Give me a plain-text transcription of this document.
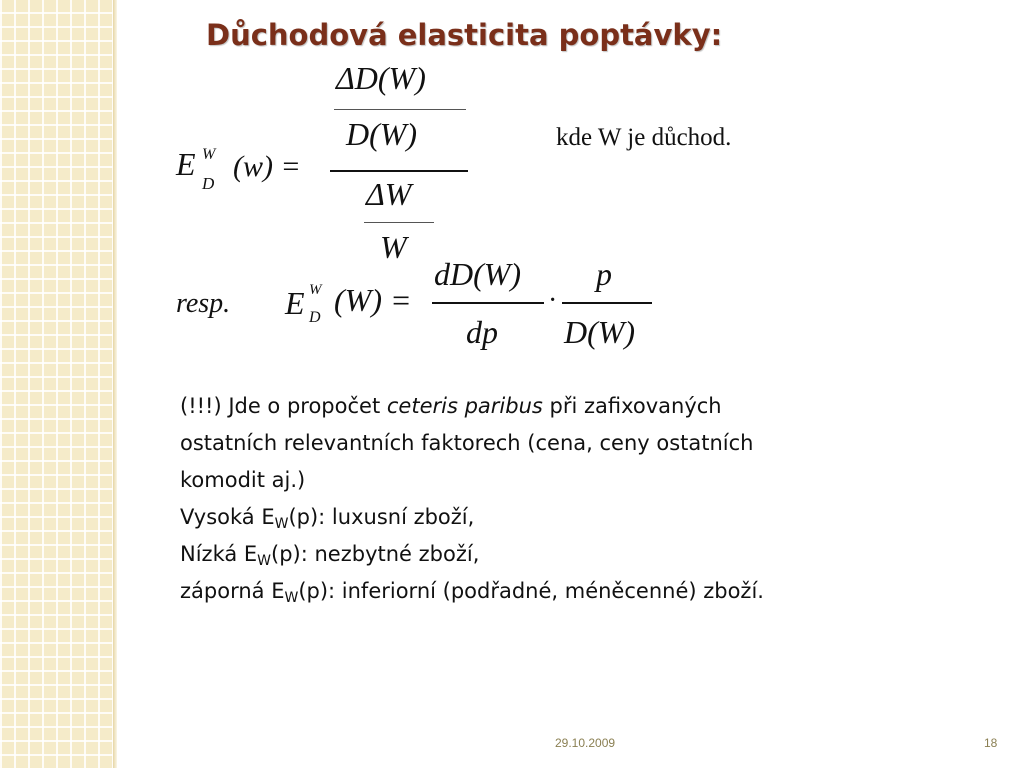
Důchodová elasticita poptávky:
E W
D
(w) =
ΔD(W)
D(W)
ΔW
W
kde W je důchod.
resp. E W
D (W) =
dD(W)
dp
·
p
D(W)
(!!!) Jde o propočet ceteris paribus při zafixovaných
ostatních relevantních faktorech (cena, ceny ostatních
komodit aj.)
Vysoká $E_W(p)$: luxusní zboží,
Nízká $E_W(p)$: nezbytné zboží,
záporná $E_W(p)$: inferiorní (podřadné, méněcenné) zboží.
29.10.2009	18
